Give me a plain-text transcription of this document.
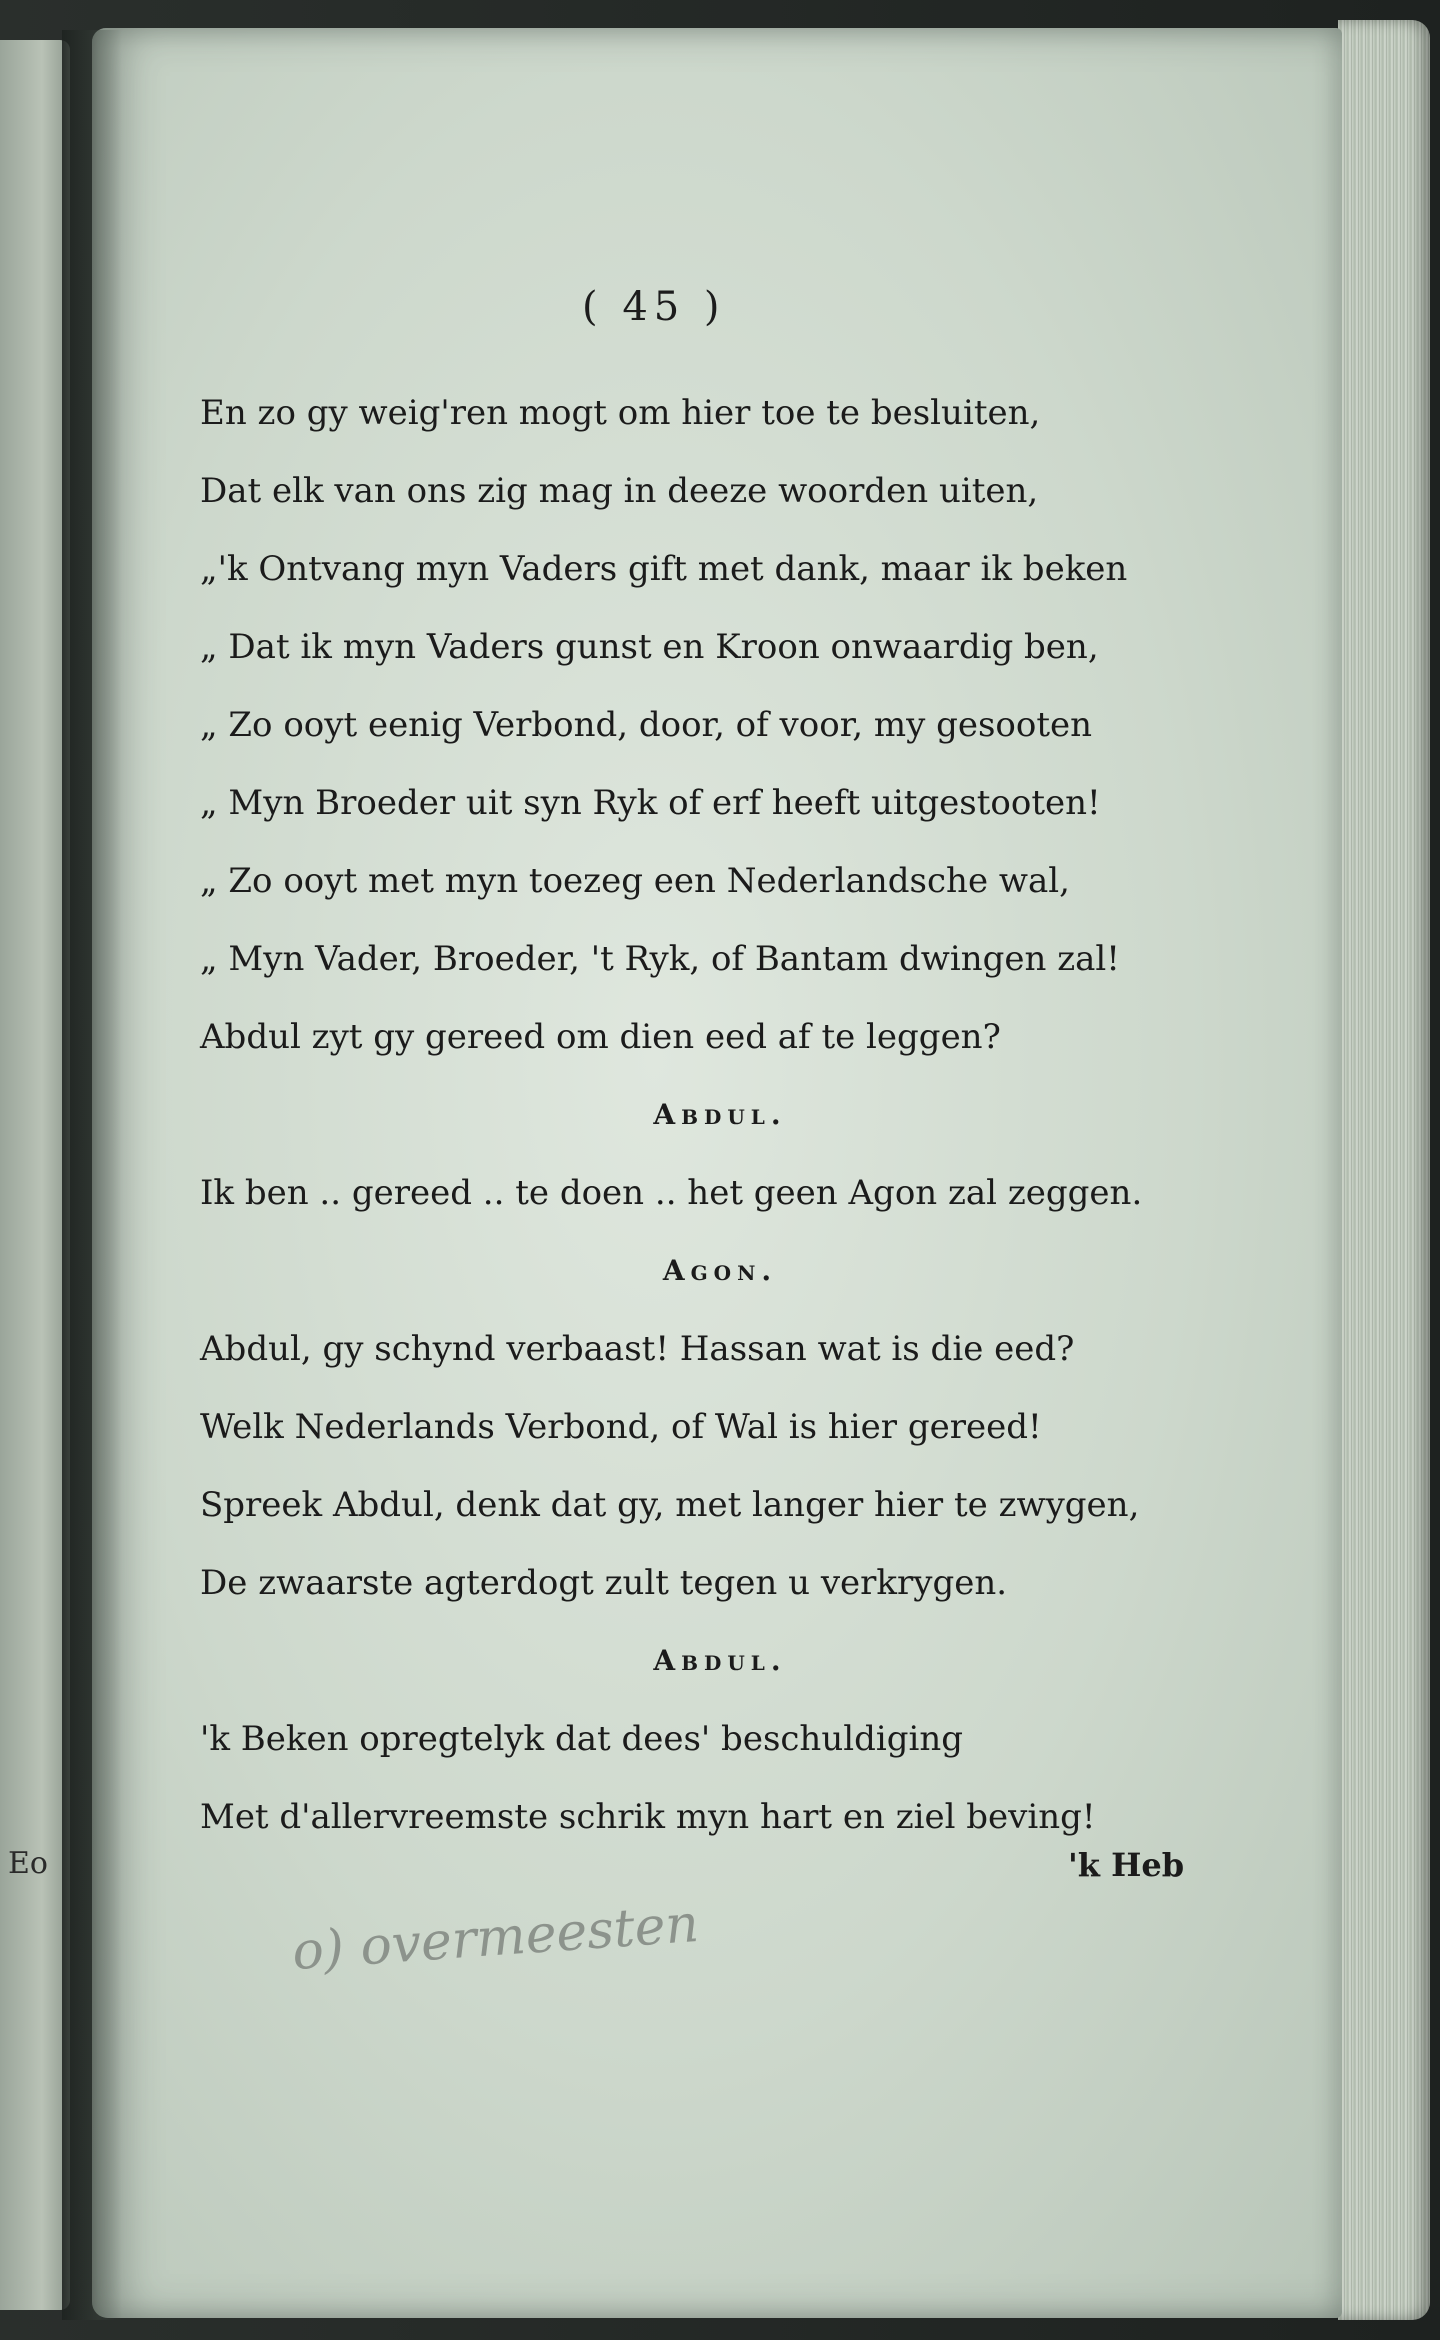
Eo
( 45 )
En zo gy weig'ren mogt om hier toe te besluiten,
Dat elk van ons zig mag in deeze woorden uiten,
„'k Ontvang myn Vaders gift met dank, maar ik beken
„ Dat ik myn Vaders gunst en Kroon onwaardig ben,
„ Zo ooyt eenig Verbond, door, of voor, my gesooten
„ Myn Broeder uit syn Ryk of erf heeft uitgestooten!
„ Zo ooyt met myn toezeg een Nederlandsche wal,
„ Myn Vader, Broeder, 't Ryk, of Bantam dwingen zal!
Abdul zyt gy gereed om dien eed af te leggen?
Abdul.
Ik ben .. gereed .. te doen .. het geen Agon zal zeggen.
Agon.
Abdul, gy schynd verbaast! Hassan wat is die eed?
Welk Nederlands Verbond, of Wal is hier gereed!
Spreek Abdul, denk dat gy, met langer hier te zwygen,
De zwaarste agterdogt zult tegen u verkrygen.
Abdul.
'k Beken opregtelyk dat dees' beschuldiging
Met d'allervreemste schrik myn hart en ziel beving!
'k Heb
o) overmeesten
